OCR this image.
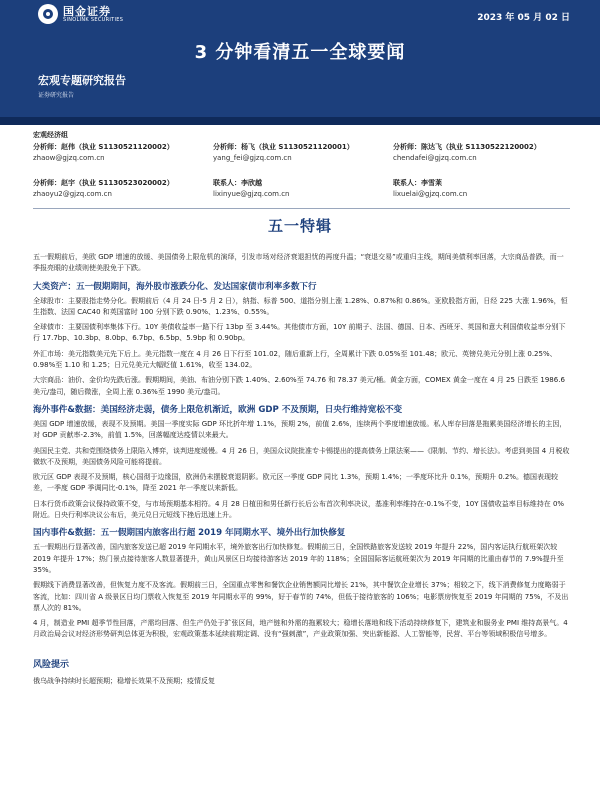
国金证券
SINOLINK SECURITIES	2023 年 05 月 02 日
3 分钟看清五一全球要闻
宏观专题研究报告
证券研究报告
宏观经济组
分析师：赵伟（执业 S1130521120002）
zhaow@gjzq.com.cn
分析师：杨飞（执业 S1130521120001）
yang_fei@gjzq.com.cn
分析师：陈达飞（执业 S1130522120002）
chendafei@gjzq.com.cn
分析师：赵宇（执业 S1130523020002）
zhaoyu2@gjzq.com.cn
联系人：李欣越
lixinyue@gjzq.com.cn
联系人：李雪莱
lixuelai@gjzq.com.cn
五一特辑

五一假期前后，美欧 GDP 增速的放缓、美国债务上限危机的演绎，引发市场对经济衰退担忧的再度升温；“衰退交易”或重归主线，期间美债利率回落，大宗商品普跌，而一季报亮眼的业绩则使美股免于下跌。

大类资产：五一假期期间，海外股市涨跌分化、发达国家债市利率多数下行

全球股市：主要股指走势分化。假期前后（4 月 24 日-5 月 2 日），纳指、标普 500、道指分别上涨 1.28%、0.87%和 0.86%。亚欧股指方面，日经 225 大涨 1.96%，恒生指数、法国 CAC40 和英国富时 100 分别下跌 0.90%、1.23%、0.55%。

全球债市：主要国债利率集体下行。10Y 美债收益率一路下行 13bp 至 3.44%。其他债市方面，10Y 前期子、法国、德国、日本、西班牙、英国和意大利国债收益率分别下行 17.7bp、10.3bp、8.0bp、6.7bp、6.5bp、5.9bp 和 0.90bp。

外汇市场：美元指数美元先下后上。美元指数一度在 4 月 26 日下行至 101.02，随后重新上行，全周累计下跌 0.05%至 101.48；欧元、英镑兑美元分别上涨 0.25%、0.98%至 1.10 和 1.25；日元兑美元大幅贬值 1.61%，收至 134.02。

大宗商品：油价、金价均先跌后涨。假期期间，美油、布油分别下跌 1.40%、2.60%至 74.76 和 78.37 美元/桶。黄金方面，COMEX 黄金一度在 4 月 25 日跌至 1986.6 美元/盎司，随后微涨，全周上涨 0.36%至 1990 美元/盎司。

海外事件&数据：美国经济走弱，债务上限危机渐近，欧洲 GDP 不及预期，日央行维持宽松不变

美国 GDP 增速放缓，表现不及预期。美国一季度实际 GDP 环比折年增 1.1%，预期 2%，前值 2.6%，连续两个季度增速放缓。私人库存回落是拖累美国经济增长的主因，对 GDP 贡献率-2.3%，前值 1.5%，回落幅度达疫情以来最大。

美国民主党、共和党围绕债务上限陷入博弈，谈判进度缓慢。4 月 26 日，美国众议院批准专卡锡提出的提高债务上限法案——《限制、节约、增长法》。考虑到美国 4 月税收微软不及预期，美国债务风险可能将提前。

欧元区 GDP 表现不及预期，核心国彻于边缘国，欧洲仍未摆脱衰退阴影。欧元区一季度 GDP 同比 1.3%，预期 1.4%；一季度环比升 0.1%，预期升 0.2%。德国表现较差，一季度 GDP 季调同比-0.1%，降至 2021 年一季度以来新低。

日本行货币政策会议保持政策不变，与市场预期基本相符。4 月 28 日植田和男任新行长后公布首次利率决议，基准利率维持在-0.1%不变，10Y 国债收益率目标维持在 0%附近。日央行利率决议公布后，美元兑日元短线下挫后迅速上升。

国内事件&数据：五一假期国内旅客出行超 2019 年同期水平、境外出行加快修复

五一假期出行显著改善，国内旅客发送已超 2019 年同期水平，境外旅客出行加快修复。假期前三日，全国铁路旅客发送较 2019 年提升 22%，国内客运执行航班架次较 2019 年提升 17%；热门景点接待旅客人数显著提升，黄山风景区日均接待游客达 2019 年的 118%；全国国际客运航班架次为 2019 年同期的比重由春节的 7.9%提升至 35%。

假期线下消费显著改善，但恢复力度不及客流。假期前三日，全国重点零售和餐饮企业销售额同比增长 21%，其中餐饮企业增长 37%；相较之下，线下消费修复力度略弱于客流，比如：四川省 A 级景区日均门票收入恢复至 2019 年同期水平的 99%，好于春节的 74%，但低于接待旅客的 106%；电影票房恢复至 2019 年同期的 75%，不及出票人次的 81%。

4 月，制造业 PMI 超季节性回落，产需均回落、但生产仍处于扩张区间，地产链和外需的拖累较大；稳增长落地和线下活动持续修复下，建筑业和服务业 PMI 维持高景气。4 月政治局会议对经济形势研判总体更为积极，宏观政策基本延续前期定调、没有“强刺激”，产业政策加强、突出新能源、人工智能等，民营、平台等领域积极信号增多。

风险提示

俄乌战争持续时长超预期；稳增长效果不及预期；疫情反复
